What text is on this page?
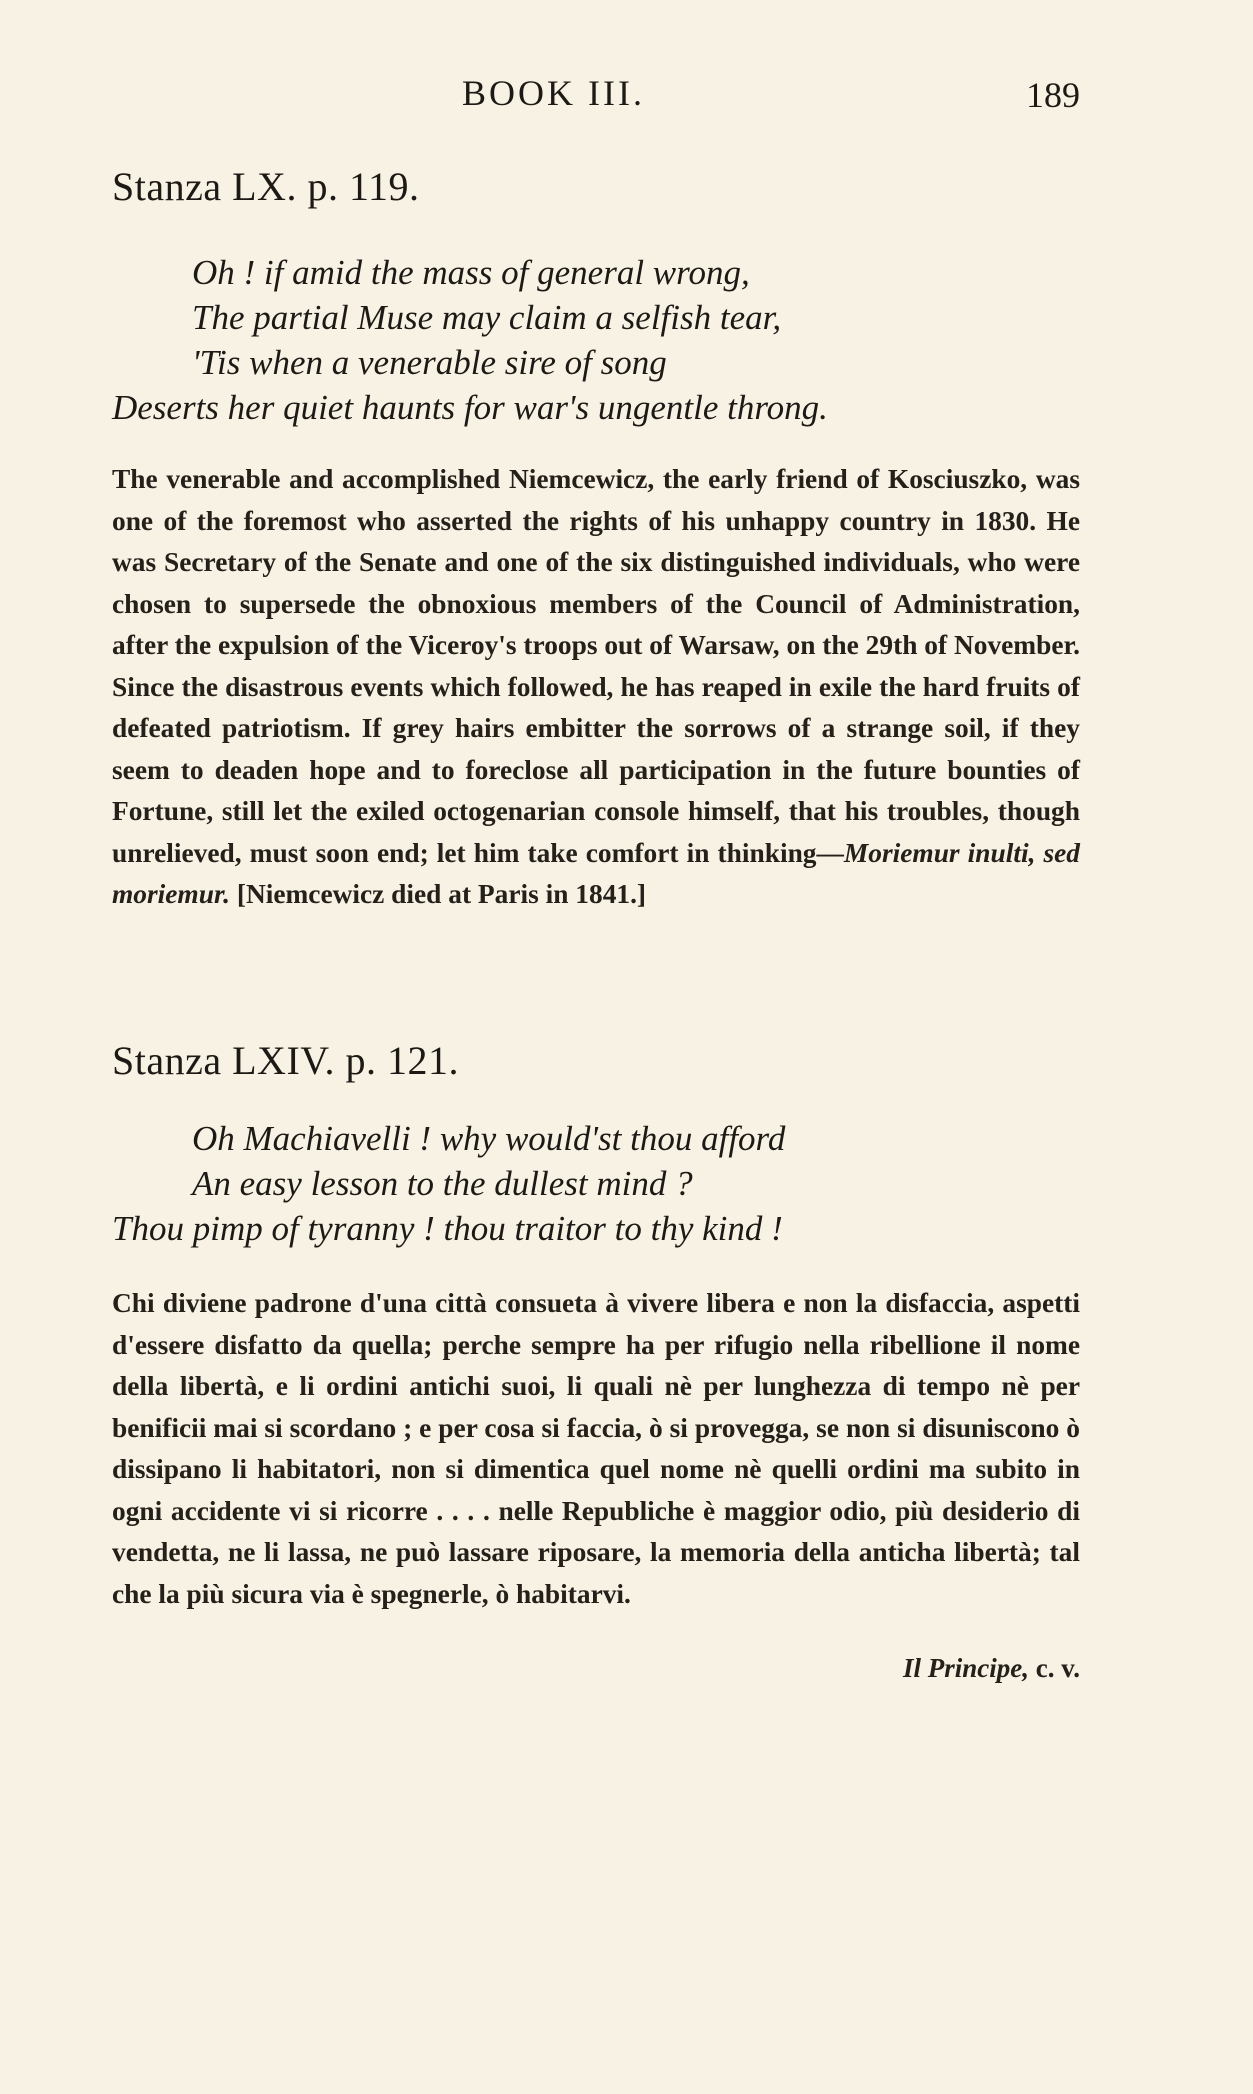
BOOK III.	189
Stanza LX. p. 119.
Oh ! if amid the mass of general wrong,
The partial Muse may claim a selfish tear,
'Tis when a venerable sire of song
Deserts her quiet haunts for war's ungentle throng.

The venerable and accomplished Niemcewicz, the early friend of Kosciuszko, was one of the foremost who asserted the rights of his unhappy country in 1830. He was Secretary of the Senate and one of the six distinguished individuals, who were chosen to supersede the obnoxious members of the Council of Administration, after the expulsion of the Viceroy's troops out of Warsaw, on the 29th of November. Since the disastrous events which followed, he has reaped in exile the hard fruits of defeated patriotism. If grey hairs embitter the sorrows of a strange soil, if they seem to deaden hope and to foreclose all participation in the future bounties of Fortune, still let the exiled octogenarian console himself, that his troubles, though unrelieved, must soon end; let him take comfort in thinking—Moriemur inulti, sed moriemur. [Niemcewicz died at Paris in 1841.]

Stanza LXIV. p. 121.
Oh Machiavelli ! why would'st thou afford
An easy lesson to the dullest mind ?
Thou pimp of tyranny ! thou traitor to thy kind !

Chi diviene padrone d'una città consueta à vivere libera e non la disfaccia, aspetti d'essere disfatto da quella; perche sempre ha per rifugio nella ribellione il nome della libertà, e li ordini antichi suoi, li quali nè per lunghezza di tempo nè per benificii mai si scordano ; e per cosa si faccia, ò si provegga, se non si disuniscono ò dissipano li habitatori, non si dimentica quel nome nè quelli ordini ma subito in ogni accidente vi si ricorre . . . . nelle Republiche è maggior odio, più desiderio di vendetta, ne li lassa, ne può lassare riposare, la memoria della anticha libertà; tal che la più sicura via è spegnerle, ò habitarvi.

Il Principe, c. v.
